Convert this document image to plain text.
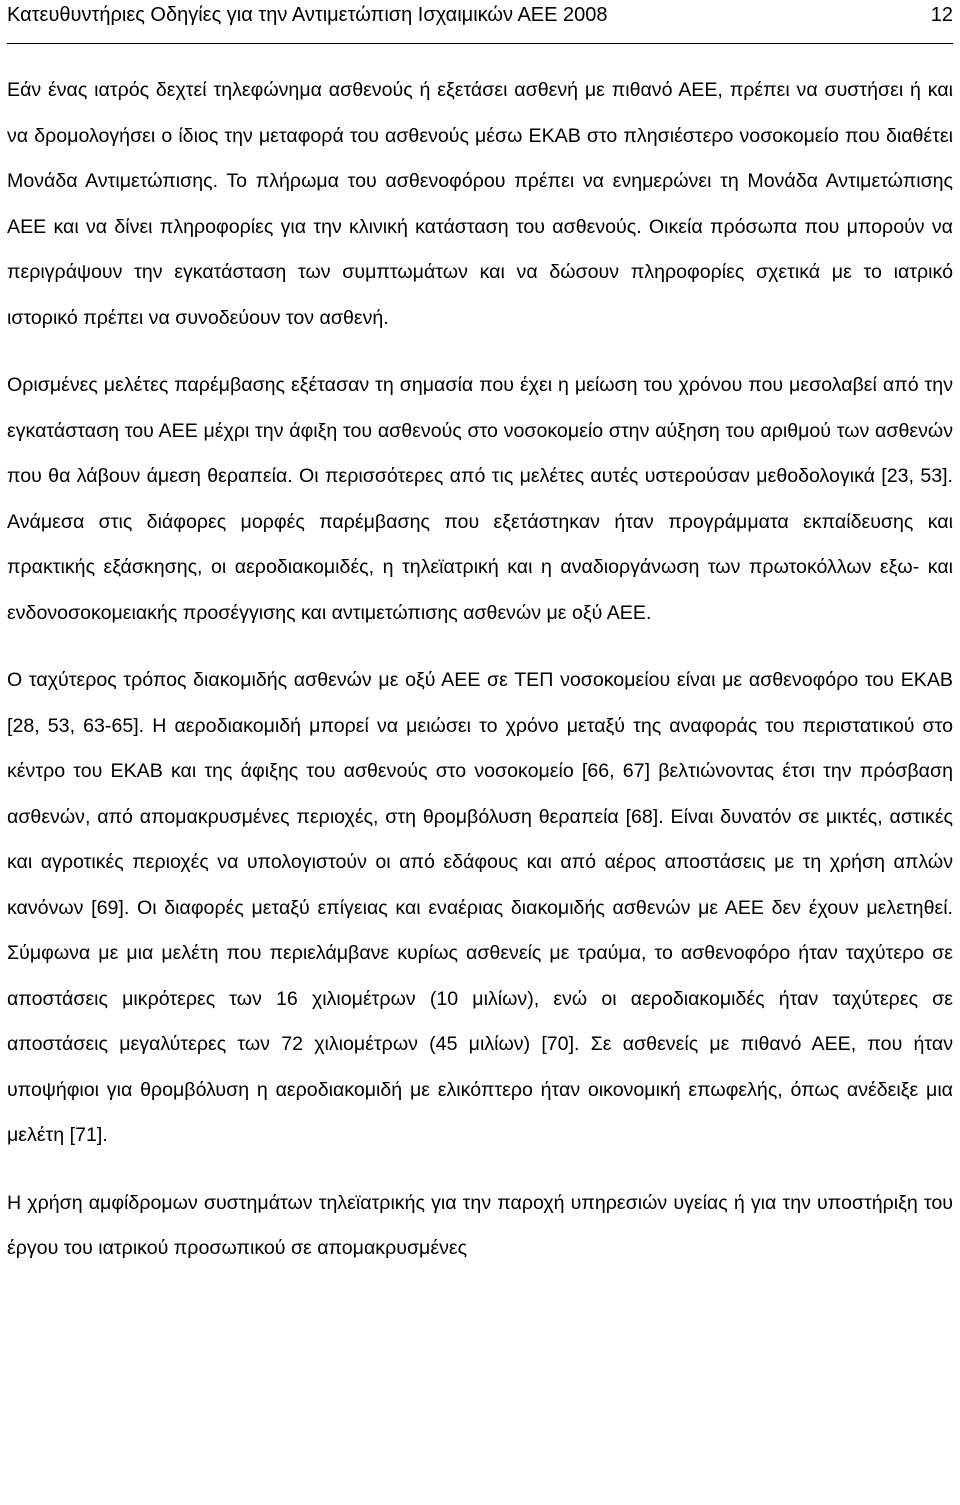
Κατευθυντήριες Οδηγίες για την Αντιμετώπιση Ισχαιμικών ΑΕΕ 2008	12

Εάν ένας ιατρός δεχτεί τηλεφώνημα ασθενούς ή εξετάσει ασθενή με πιθανό ΑΕΕ, πρέπει να συστήσει ή και να δρομολογήσει ο ίδιος την μεταφορά του ασθενούς μέσω ΕΚΑΒ στο πλησιέστερο νοσοκομείο που διαθέτει Μονάδα Αντιμετώπισης. Το πλήρωμα του ασθενοφόρου πρέπει να ενημερώνει τη Μονάδα Αντιμετώπισης ΑΕΕ και να δίνει πληροφορίες για την κλινική κατάσταση του ασθενούς. Οικεία πρόσωπα που μπορούν να περιγράψουν την εγκατάσταση των συμπτωμάτων και να δώσουν πληροφορίες σχετικά με το ιατρικό ιστορικό πρέπει να συνοδεύουν τον ασθενή.

Ορισμένες μελέτες παρέμβασης εξέτασαν τη σημασία που έχει η μείωση του χρόνου που μεσολαβεί από την εγκατάσταση του ΑΕΕ μέχρι την άφιξη του ασθενούς στο νοσοκομείο στην αύξηση του αριθμού των ασθενών που θα λάβουν άμεση θεραπεία. Οι περισσότερες από τις μελέτες αυτές υστερούσαν μεθοδολογικά [23, 53]. Ανάμεσα στις διάφορες μορφές παρέμβασης που εξετάστηκαν ήταν προγράμματα εκπαίδευσης και πρακτικής εξάσκησης, οι αεροδιακομιδές, η τηλεϊατρική και η αναδιοργάνωση των πρωτοκόλλων εξω- και ενδονοσοκομειακής προσέγγισης και αντιμετώπισης ασθενών με οξύ ΑΕΕ.

Ο ταχύτερος τρόπος διακομιδής ασθενών με οξύ ΑΕΕ σε ΤΕΠ νοσοκομείου είναι με ασθενοφόρο του ΕΚΑΒ [28, 53, 63-65]. Η αεροδιακομιδή μπορεί να μειώσει το χρόνο μεταξύ της αναφοράς του περιστατικού στο κέντρο του ΕΚΑΒ και της άφιξης του ασθενούς στο νοσοκομείο [66, 67] βελτιώνοντας έτσι την πρόσβαση ασθενών, από απομακρυσμένες περιοχές, στη θρομβόλυση θεραπεία [68]. Είναι δυνατόν σε μικτές, αστικές και αγροτικές περιοχές να υπολογιστούν οι από εδάφους και από αέρος αποστάσεις με τη χρήση απλών κανόνων [69]. Οι διαφορές μεταξύ επίγειας και εναέριας διακομιδής ασθενών με ΑΕΕ δεν έχουν μελετηθεί. Σύμφωνα με μια μελέτη που περιελάμβανε κυρίως ασθενείς με τραύμα, το ασθενοφόρο ήταν ταχύτερο σε αποστάσεις μικρότερες των 16 χιλιομέτρων (10 μιλίων), ενώ οι αεροδιακομιδές ήταν ταχύτερες σε αποστάσεις μεγαλύτερες των 72 χιλιομέτρων (45 μιλίων) [70]. Σε ασθενείς με πιθανό ΑΕΕ, που ήταν υποψήφιοι για θρομβόλυση η αεροδιακομιδή με ελικόπτερο ήταν οικονομική επωφελής, όπως ανέδειξε μια μελέτη [71].

Η χρήση αμφίδρομων συστημάτων τηλεϊατρικής για την παροχή υπηρεσιών υγείας ή για την υποστήριξη του έργου του ιατρικού προσωπικού σε απομακρυσμένες
